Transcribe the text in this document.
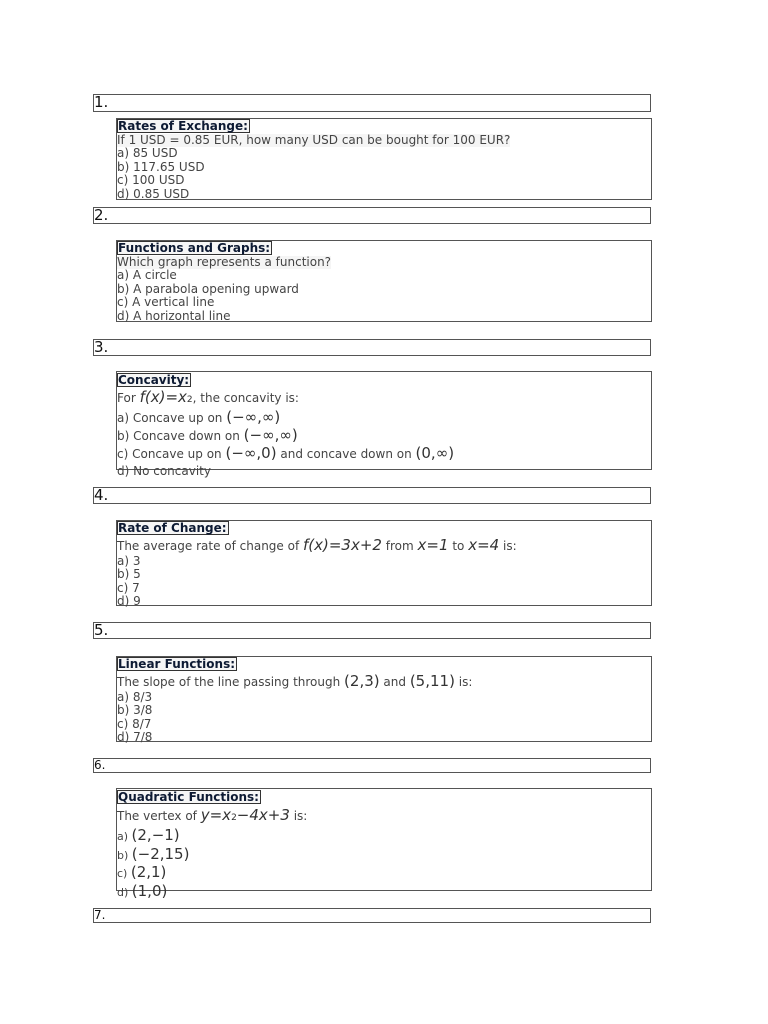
1.
Rates of Exchange:
If 1 USD = 0.85 EUR, how many USD can be bought for 100 EUR?
a) 85 USD
b) 117.65 USD
c) 100 USD
d) 0.85 USD
2.
Functions and Graphs:
Which graph represents a function?
a) A circle
b) A parabola opening upward
c) A vertical line
d) A horizontal line
3.
Concavity:
For f(x)=x2, the concavity is:
a) Concave up on (−∞,∞)
b) Concave down on (−∞,∞)
c) Concave up on (−∞,0) and concave down on (0,∞)
d) No concavity
4.
Rate of Change:
The average rate of change of f(x)=3x+2 from x=1 to x=4 is:
a) 3
b) 5
c) 7
d) 9
5.
Linear Functions:
The slope of the line passing through (2,3) and (5,11) is:
a) 8/3
b) 3/8
c) 8/7
d) 7/8
6.
Quadratic Functions:
The vertex of y=x2−4x+3 is:
a) (2,−1)
b) (−2,15)
c) (2,1)
d) (1,0)
7.
